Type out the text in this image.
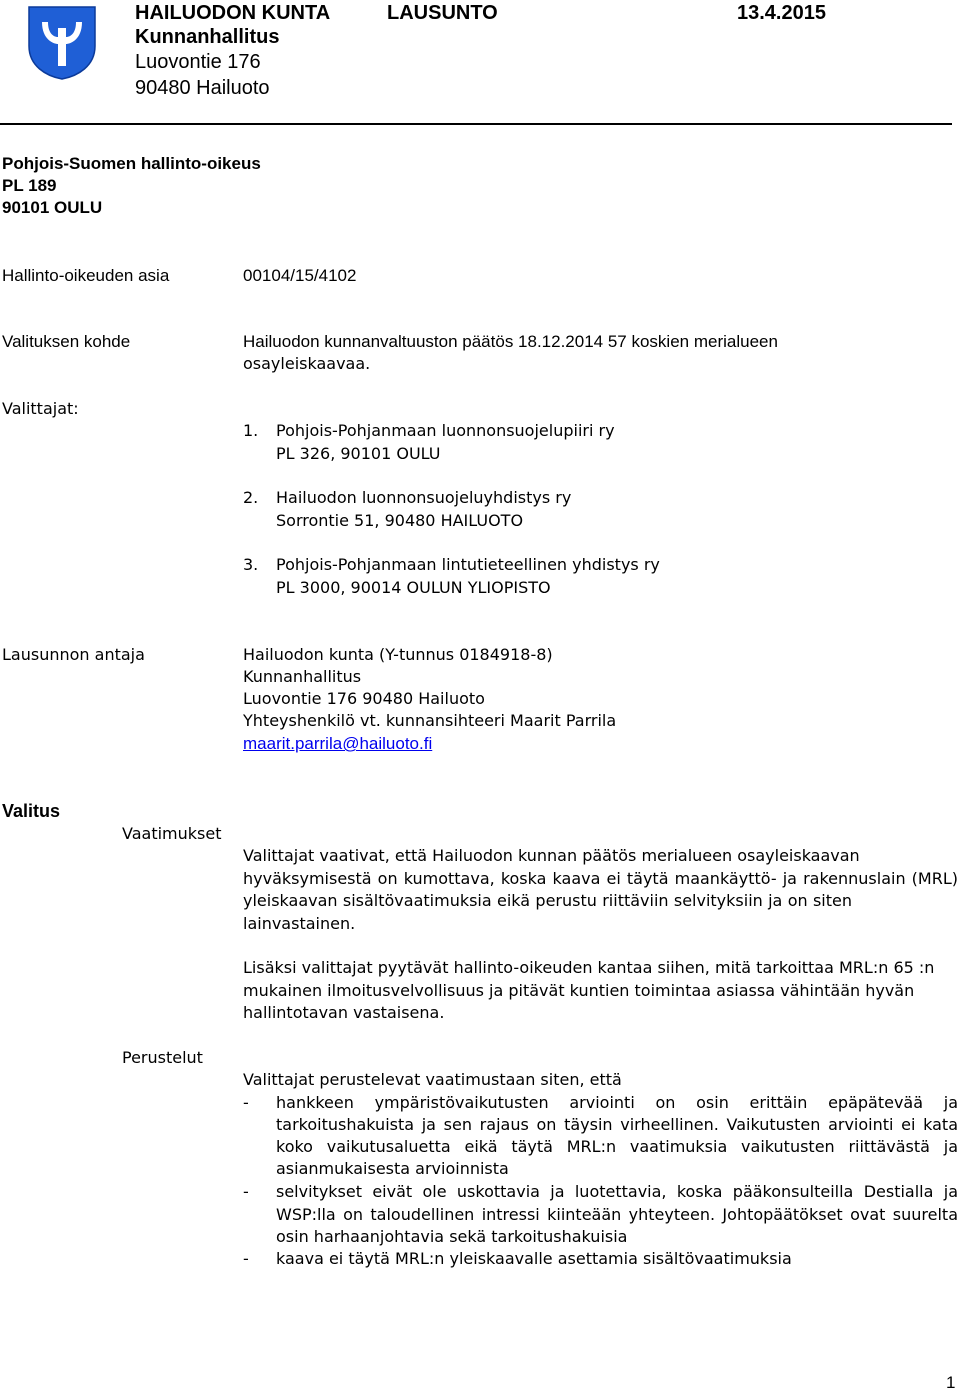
HAILUODON KUNTA	LAUSUNTO	13.4.2015
Kunnanhallitus
Luovontie 176
90480 Hailuoto
Pohjois-Suomen hallinto-oikeus
PL 189
90101 OULU
Hallinto-oikeuden asia	00104/15/4102
Valituksen kohde	Hailuodon kunnanvaltuuston päätös 18.12.2014 57 koskien merialueen
osayleiskaavaa.
Valittajat:
1. Pohjois-Pohjanmaan luonnonsuojelupiiri ry
PL 326, 90101 OULU
2. Hailuodon luonnonsuojeluyhdistys ry
Sorrontie 51, 90480 HAILUOTO
3. Pohjois-Pohjanmaan lintutieteellinen yhdistys ry
PL 3000, 90014 OULUN YLIOPISTO
Lausunnon antaja	Hailuodon kunta (Y-tunnus 0184918-8)
Kunnanhallitus
Luovontie 176 90480 Hailuoto
Yhteyshenkilö vt. kunnansihteeri Maarit Parrila
maarit.parrila@hailuoto.fi
Valitus
Vaatimukset
Valittajat vaativat, että Hailuodon kunnan päätös merialueen osayleiskaavan
hyväksymisestä on kumottava, koska kaava ei täytä maankäyttö- ja rakennuslain (MRL)
yleiskaavan sisältövaatimuksia eikä perustu riittäviin selvityksiin ja on siten
lainvastainen.
Lisäksi valittajat pyytävät hallinto-oikeuden kantaa siihen, mitä tarkoittaa MRL:n 65 :n
mukainen ilmoitusvelvollisuus ja pitävät kuntien toimintaa asiassa vähintään hyvän
hallintotavan vastaisena.
Perustelut
Valittajat perustelevat vaatimustaan siten, että
- hankkeen ympäristövaikutusten arviointi on osin erittäin epäpätevää ja
tarkoitushakuista ja sen rajaus on täysin virheellinen. Vaikutusten arviointi ei kata
koko vaikutusaluetta eikä täytä MRL:n vaatimuksia vaikutusten riittävästä ja
asianmukaisesta arvioinnista
- selvitykset eivät ole uskottavia ja luotettavia, koska pääkonsulteilla Destialla ja
WSP:lla on taloudellinen intressi kiinteään yhteyteen. Johtopäätökset ovat suurelta
osin harhaanjohtavia sekä tarkoitushakuisia
- kaava ei täytä MRL:n yleiskaavalle asettamia sisältövaatimuksia
1
